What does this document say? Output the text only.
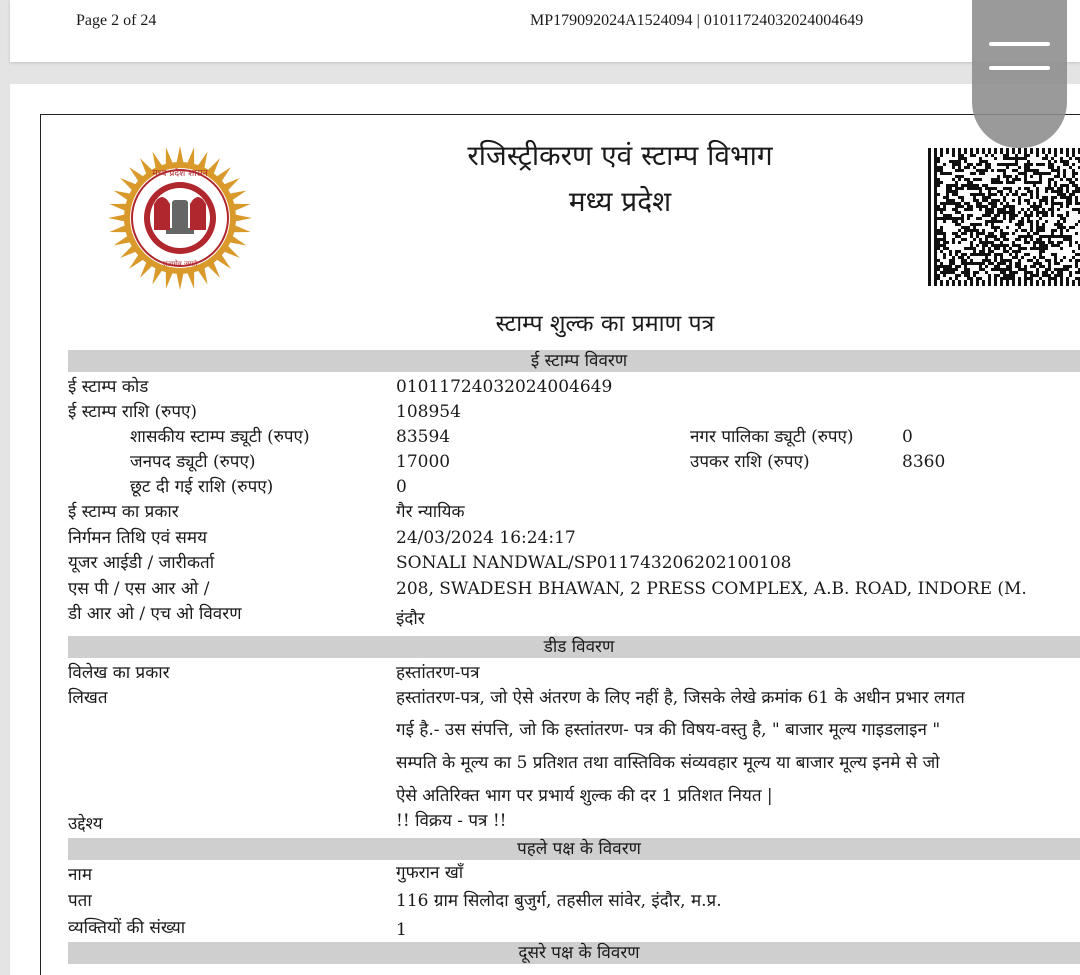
Page 2 of 24	MP179092024A1524094 | 01011724032024004649
मध्य प्रदेश शासन
सत्यमेव जयते
रजिस्ट्रीकरण एवं स्टाम्प विभाग
मध्य प्रदेश
स्टाम्प शुल्क का प्रमाण पत्र
ई स्टाम्प विवरण
ई स्टाम्प कोड	01011724032024004649
ई स्टाम्प राशि (रुपए)	108954
शासकीय स्टाम्प ड्यूटी (रुपए)	83594	नगर पालिका ड्यूटी (रुपए)	0
जनपद ड्यूटी (रुपए)	17000	उपकर राशि (रुपए)	8360
छूट दी गई राशि (रुपए)	0
ई स्टाम्प का प्रकार	गैर न्यायिक
निर्गमन तिथि एवं समय	24/03/2024 16:24:17
यूजर आईडी / जारीकर्ता	SONALI NANDWAL/SP011743206202100108
एस पी / एस आर ओ /	208, SWADESH BHAWAN, 2 PRESS COMPLEX, A.B. ROAD, INDORE (M.
डी आर ओ / एच ओ विवरण	इंदौर
डीड विवरण
विलेख का प्रकार	हस्तांतरण-पत्र
लिखत	हस्तांतरण-पत्र, जो ऐसे अंतरण के लिए नहीं है, जिसके लेखे क्रमांक 61 के अधीन प्रभार लगत
गई है.- उस संपत्ति, जो कि हस्तांतरण- पत्र की विषय-वस्तु है, " बाजार मूल्य गाइडलाइन "
सम्पति के मूल्य का 5 प्रतिशत तथा वास्तिविक संव्यवहार मूल्य या बाजार मूल्य इनमे से जो
ऐसे अतिरिक्त भाग पर प्रभार्य शुल्क की दर 1 प्रतिशत नियत |
उद्देश्य	!! विक्रय - पत्र !!
पहले पक्ष के विवरण
नाम	गुफरान खाँ
पता	116 ग्राम सिलोदा बुजुर्ग, तहसील सांवेर, इंदौर, म.प्र.
व्यक्तियों की संख्या	1
दूसरे पक्ष के विवरण
